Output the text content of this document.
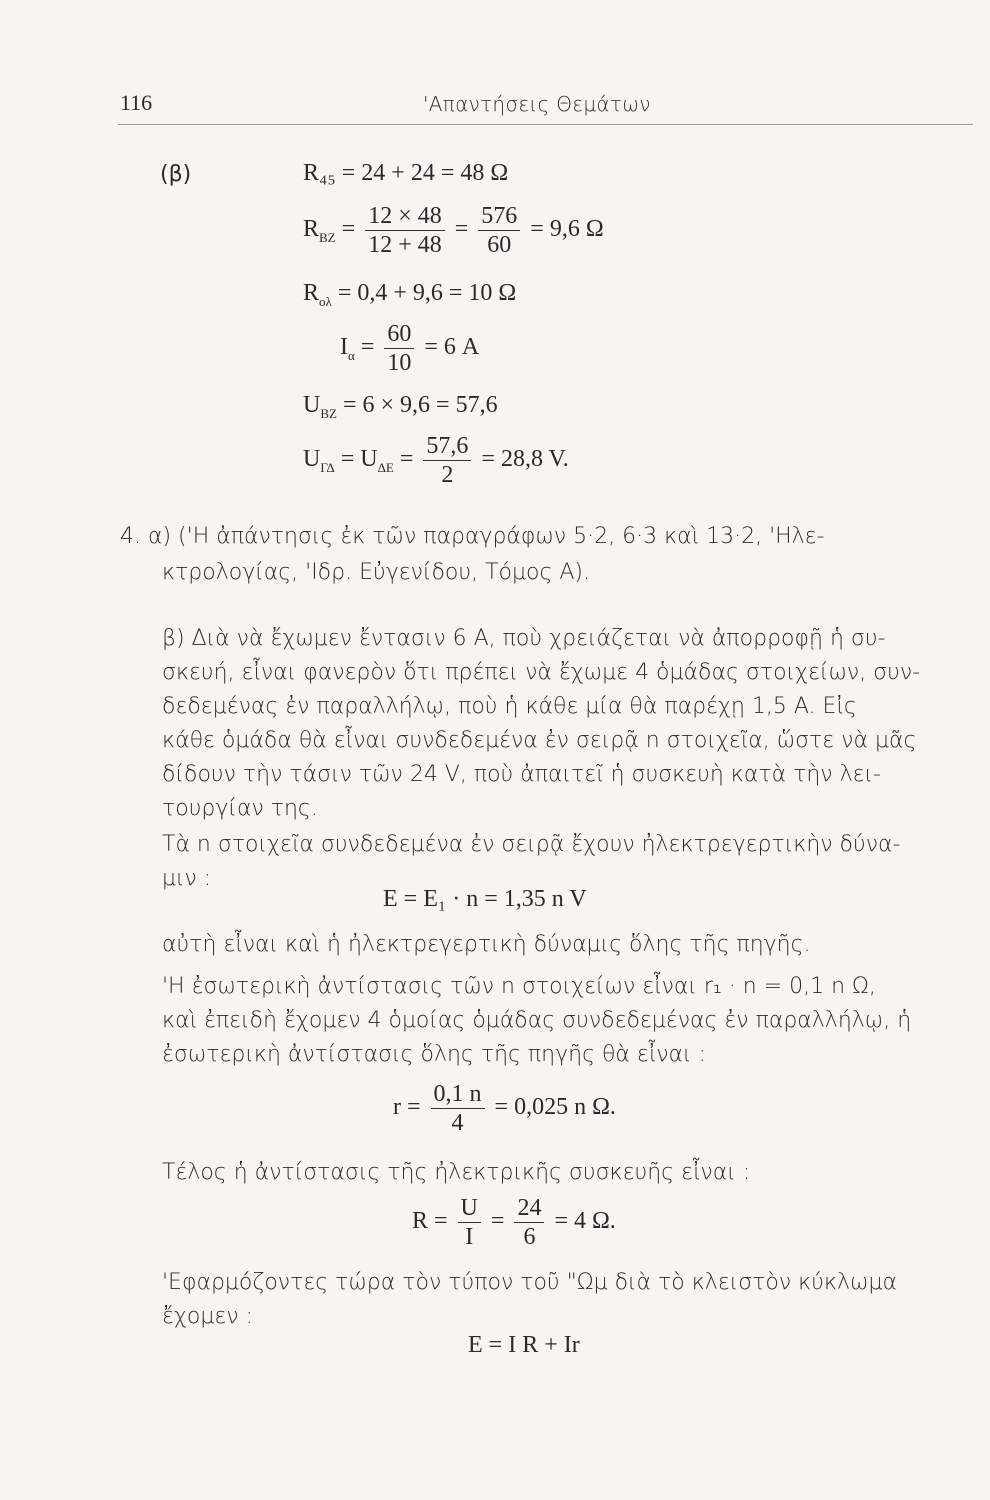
116	'Απαντήσεις Θεμάτων
(β)	R₄₅ = 24 + 24 = 48 Ω
$R_{BZ} = \frac{12 \times 48}{12 + 48} = \frac{576}{60} = 9,6$ Ω
$R_{o\lambda} = 0,4 + 9,6 = 10$ Ω
$I_\alpha = \frac{60}{10} = 6$ A
$U_{BZ} = 6 \times 9,6 = 57,6$
$U_{\Gamma\Delta} = U_{\Delta E} = \frac{57,6}{2} = 28,8$ V.
4. α) ('Η ἀπάντησις ἐκ τῶν παραγράφων 5·2, 6·3 καὶ 13·2, 'Ηλε-
κτρολογίας, 'Ιδρ. Εὐγενίδου, Τόμος Α).
β) Διὰ νὰ ἔχωμεν ἔντασιν 6 A, ποὺ χρειάζεται νὰ ἀπορροφῇ ἡ συ-
σκευή, εἶναι φανερὸν ὅτι πρέπει νὰ ἔχωμε 4 ὁμάδας στοιχείων, συν-
δεδεμένας ἐν παραλλήλῳ, ποὺ ἡ κάθε μία θὰ παρέχῃ 1,5 A. Εἰς
κάθε ὁμάδα θὰ εἶναι συνδεδεμένα ἐν σειρᾷ n στοιχεῖα, ὥστε νὰ μᾶς
δίδουν τὴν τάσιν τῶν 24 V, ποὺ ἀπαιτεῖ ἡ συσκευὴ κατὰ τὴν λει-
τουργίαν της.
Τὰ n στοιχεῖα συνδεδεμένα ἐν σειρᾷ ἔχουν ἠλεκτρεγερτικὴν δύνα-
μιν :
E = E₁ · n = 1,35 n V
αὐτὴ εἶναι καὶ ἡ ἠλεκτρεγερτικὴ δύναμις ὅλης τῆς πηγῆς.
'Η ἐσωτερικὴ ἀντίστασις τῶν n στοιχείων εἶναι r₁ · n = 0,1 n Ω,
καὶ ἐπειδὴ ἔχομεν 4 ὁμοίας ὁμάδας συνδεδεμένας ἐν παραλλήλῳ, ἡ
ἐσωτερικὴ ἀντίστασις ὅλης τῆς πηγῆς θὰ εἶναι :
$r = \frac{0,1 n}{4} = 0,025$ n Ω.
Τέλος ἡ ἀντίστασις τῆς ἠλεκτρικῆς συσκευῆς εἶναι :
$R = \frac{U}{I} = \frac{24}{6} = 4$ Ω.
'Εφαρμόζοντες τώρα τὸν τύπον τοῦ "Ωμ διὰ τὸ κλειστὸν κύκλωμα
ἔχομεν :
E = I R + Ir
